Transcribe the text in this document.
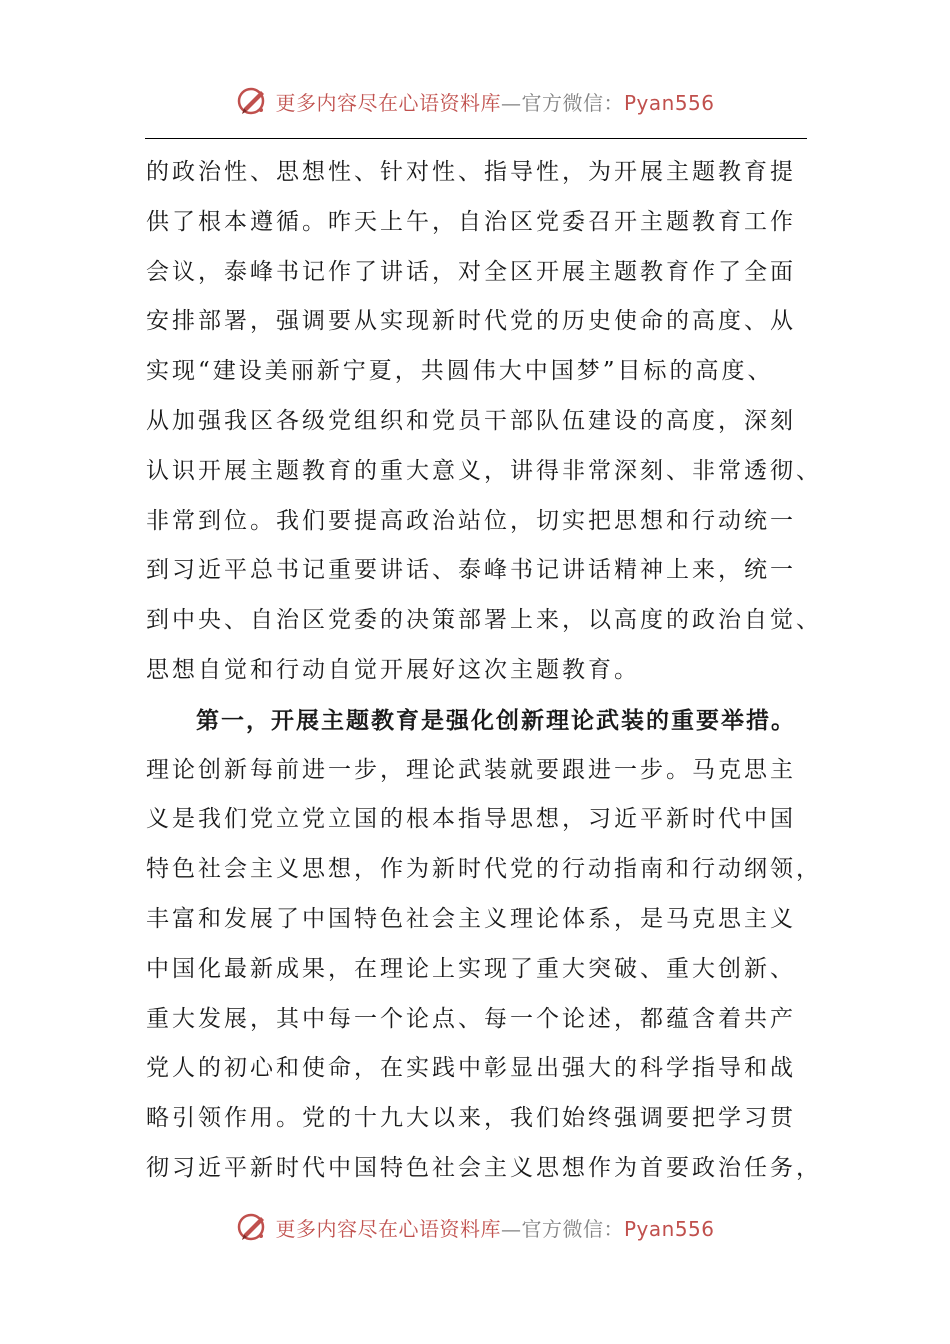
更多内容尽在心语资料库—官方微信：Pyan556
的政治性、思想性、针对性、指导性，为开展主题教育提
供了根本遵循。昨天上午，自治区党委召开主题教育工作
会议，泰峰书记作了讲话，对全区开展主题教育作了全面
安排部署，强调要从实现新时代党的历史使命的高度、从
实现“建设美丽新宁夏，共圆伟大中国梦”目标的高度、
从加强我区各级党组织和党员干部队伍建设的高度，深刻
认识开展主题教育的重大意义，讲得非常深刻、非常透彻、
非常到位。我们要提高政治站位，切实把思想和行动统一
到习近平总书记重要讲话、泰峰书记讲话精神上来，统一
到中央、自治区党委的决策部署上来，以高度的政治自觉、
思想自觉和行动自觉开展好这次主题教育。
第一，开展主题教育是强化创新理论武装的重要举措。
理论创新每前进一步，理论武装就要跟进一步。马克思主
义是我们党立党立国的根本指导思想，习近平新时代中国
特色社会主义思想，作为新时代党的行动指南和行动纲领，
丰富和发展了中国特色社会主义理论体系，是马克思主义
中国化最新成果，在理论上实现了重大突破、重大创新、
重大发展，其中每一个论点、每一个论述，都蕴含着共产
党人的初心和使命，在实践中彰显出强大的科学指导和战
略引领作用。党的十九大以来，我们始终强调要把学习贯
彻习近平新时代中国特色社会主义思想作为首要政治任务，
更多内容尽在心语资料库—官方微信：Pyan556
